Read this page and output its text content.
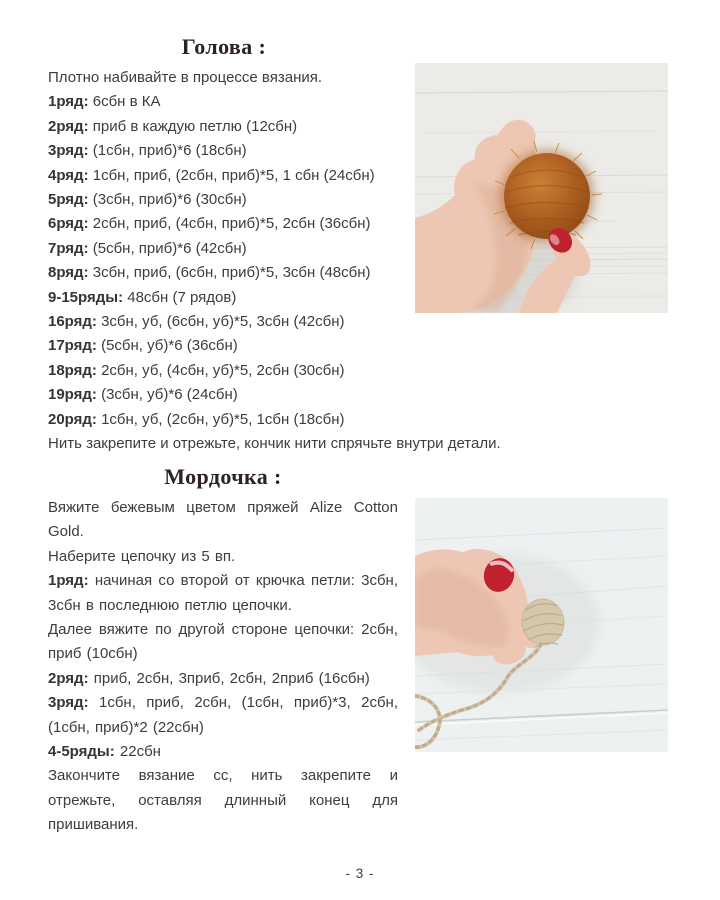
Голова :
Плотно набивайте в процессе вязания.
1ряд: 6сбн в КА
2ряд: приб в каждую петлю (12сбн)
3ряд: (1сбн, приб)*6 (18сбн)
4ряд: 1сбн, приб, (2сбн, приб)*5, 1 сбн (24сбн)
5ряд: (3сбн, приб)*6 (30сбн)
6ряд: 2сбн, приб, (4сбн, приб)*5, 2сбн (36сбн)
7ряд: (5сбн, приб)*6 (42сбн)
8ряд: 3сбн, приб, (6сбн, приб)*5, 3сбн (48сбн)
9-15ряды: 48сбн (7 рядов)
16ряд: 3сбн, уб, (6сбн, уб)*5, 3сбн (42сбн)
17ряд: (5сбн, уб)*6 (36сбн)
18ряд: 2сбн, уб, (4сбн, уб)*5, 2сбн (30сбн)
19ряд: (3сбн, уб)*6 (24сбн)
20ряд: 1сбн, уб, (2сбн, уб)*5, 1сбн (18сбн)
Нить закрепите и отрежьте, кончик нити спрячьте внутри детали.
Мордочка :
Вяжите бежевым цветом пряжей Alize Cotton Gold.
Наберите цепочку из 5 вп.
1ряд: начиная со второй от крючка петли: 3сбн, 3сбн в последнюю петлю цепочки.
Далее вяжите по другой стороне цепочки: 2сбн, приб (10сбн)
2ряд: приб, 2сбн, 3приб, 2сбн, 2приб (16сбн)
3ряд: 1сбн, приб, 2сбн, (1сбн, приб)*3, 2сбн, (1сбн, приб)*2 (22сбн)
4-5ряды: 22сбн
Закончите вязание сс, нить закрепите и отрежьте, оставляя длинный конец для пришивания.
- 3 -
